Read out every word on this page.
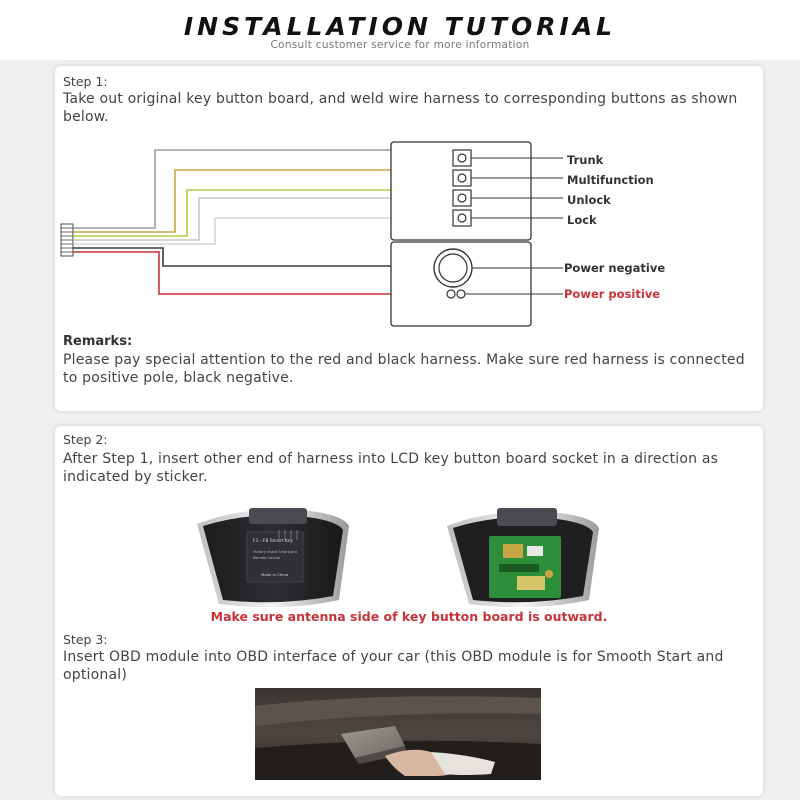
INSTALLATION TUTORIAL
Consult customer service for more information
Step 1:
Take out original key button board, and weld wire harness to corresponding buttons as shown below.
Trunk
Multifunction
Unlock
Lock
Power negative
Power positive
Remarks:
Please pay special attention to the red and black harness. Make sure red harness is connected to positive pole, black negative.
Step 2:
After Step 1, insert other end of harness into LCD key button board socket in a direction as indicated by sticker.
F1 - F8 Smart Key
Factory Install Smartcard
Remote Control
Made in China
Make sure antenna side of key button board is outward.
Step 3:
Insert OBD module into OBD interface of your car (this OBD module is for Smooth Start and optional)
